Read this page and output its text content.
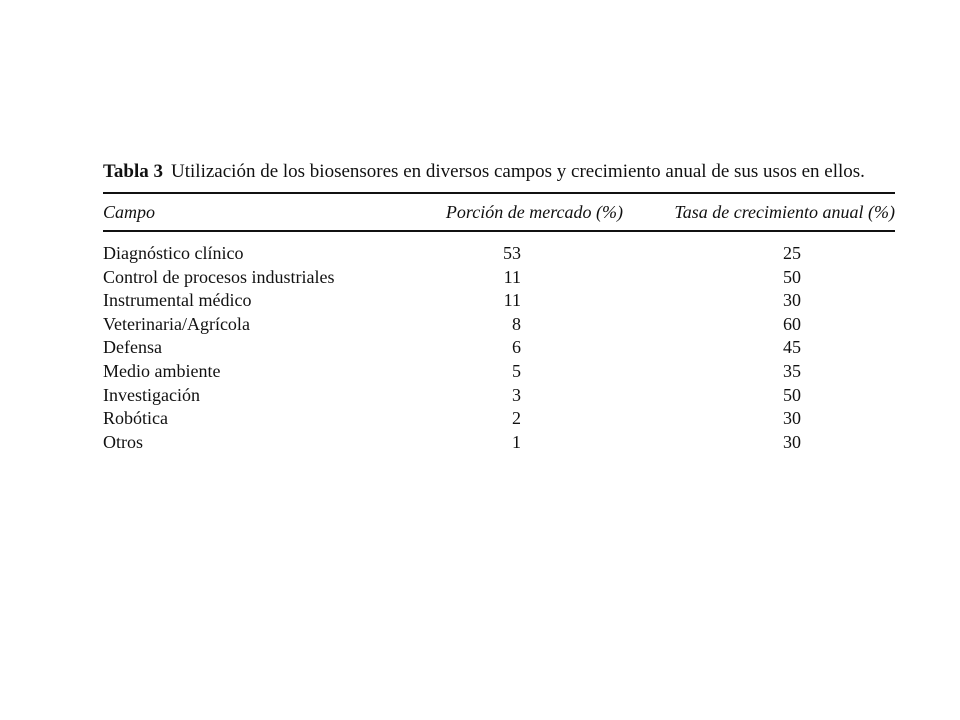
Tabla 3 Utilización de los biosensores en diversos campos y crecimiento anual de sus usos en ellos.

Campo	Porción de mercado (%)	Tasa de crecimiento anual (%)
Diagnóstico clínico	53	25
Control de procesos industriales	11	50
Instrumental médico	11	30
Veterinaria/Agrícola	8	60
Defensa	6	45
Medio ambiente	5	35
Investigación	3	50
Robótica	2	30
Otros	1	30
